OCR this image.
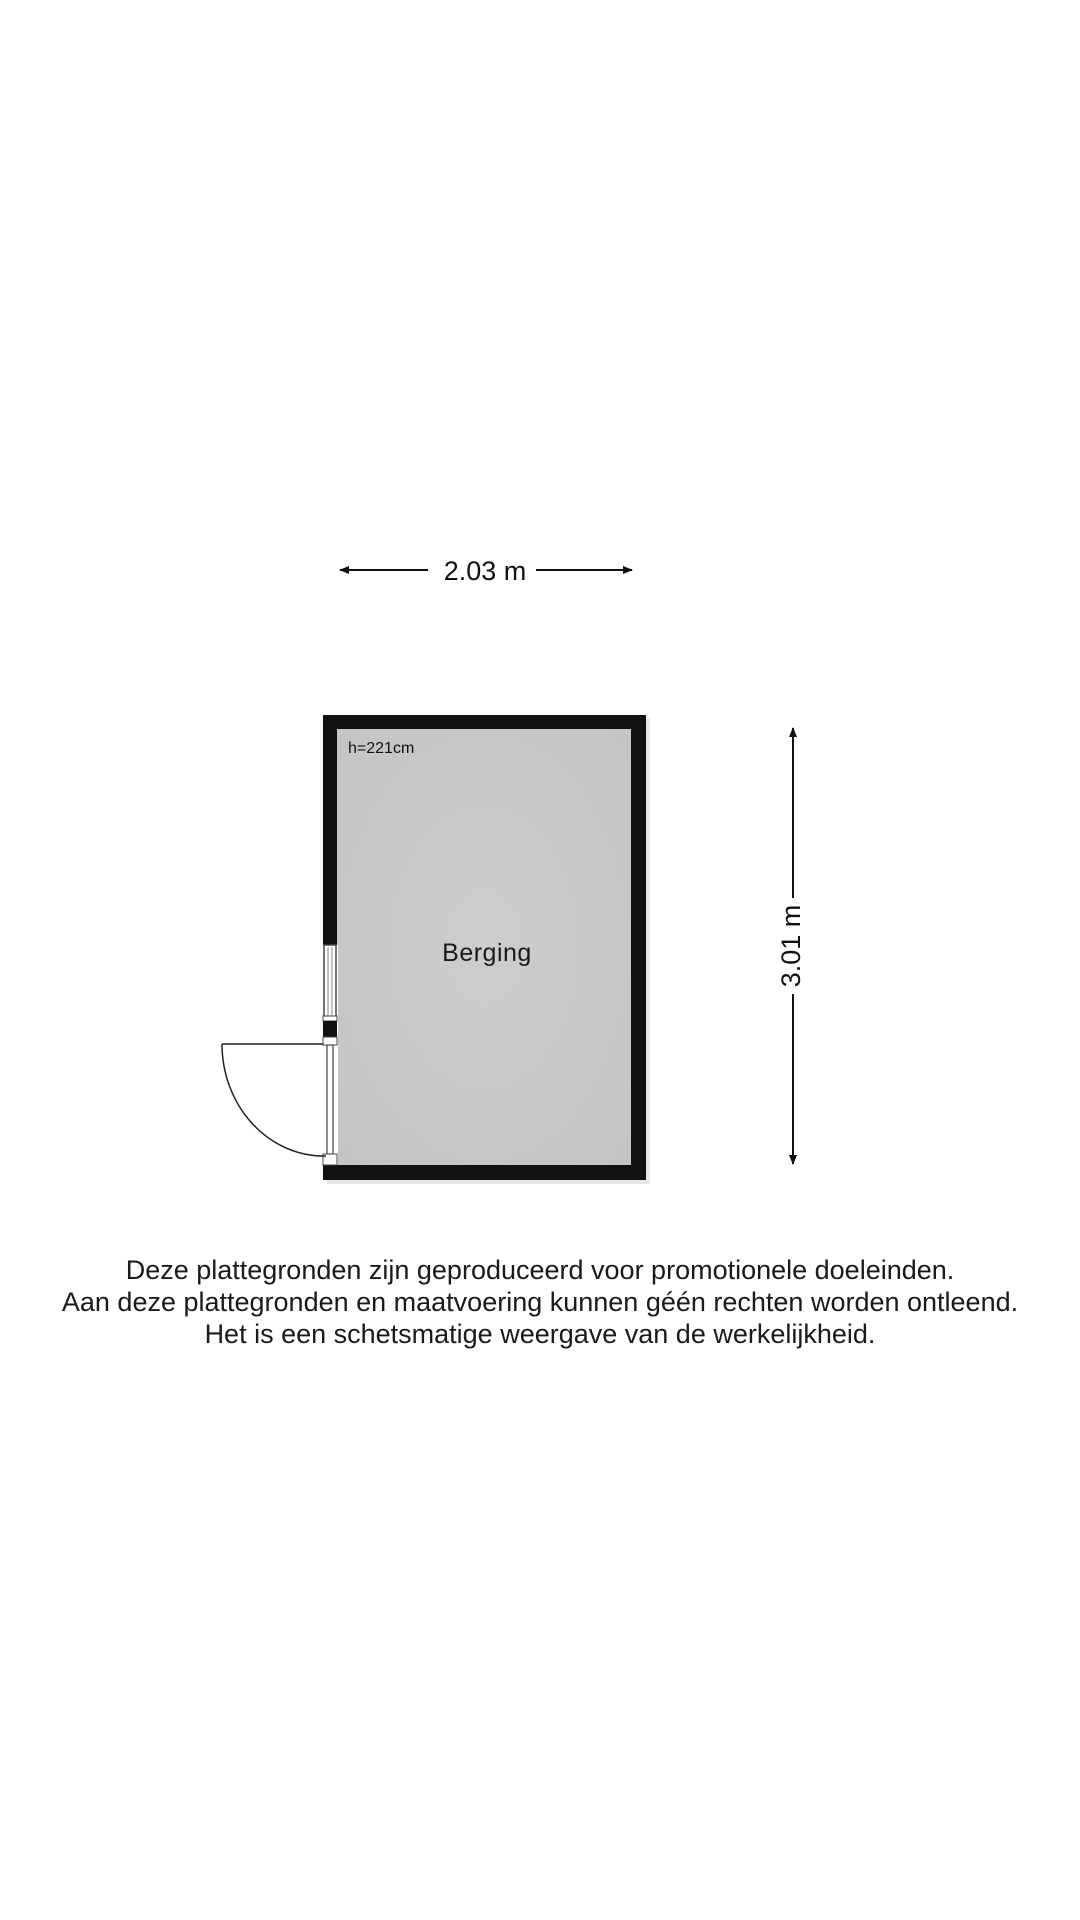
2.03 m
3.01 m
h=221cm
Berging
Deze plattegronden zijn geproduceerd voor promotionele doeleinden.
Aan deze plattegronden en maatvoering kunnen géén rechten worden ontleend.
Het is een schetsmatige weergave van de werkelijkheid.
